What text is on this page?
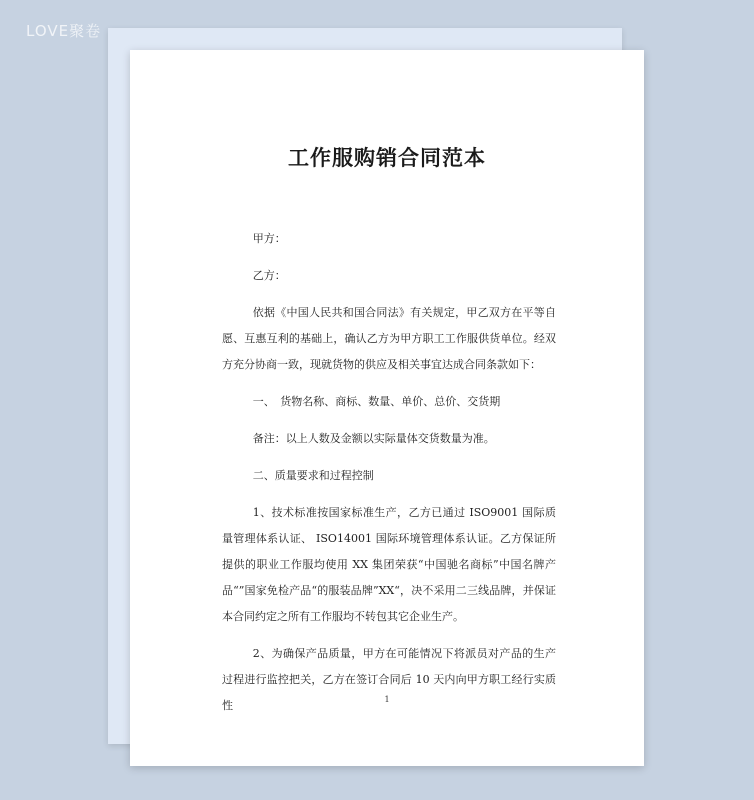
LOVE聚卷
工作服购销合同范本

甲方：

乙方：

依据《中国人民共和国合同法》有关规定，甲乙双方在平等自愿、互惠互利的基础上，确认乙方为甲方职工工作服供货单位。经双方充分协商一致，现就货物的供应及相关事宜达成合同条款如下：

一、　货物名称、商标、数量、单价、总价、交货期

备注：以上人数及金额以实际量体交货数量为准。

二、质量要求和过程控制

1、技术标准按国家标准生产，乙方已通过 ISO9001 国际质量管理体系认证、 ISO14001 国际环境管理体系认证。乙方保证所提供的职业工作服均使用 XX 集团荣获“中国驰名商标”中国名牌产品“”国家免检产品“的服装品牌”XX“，决不采用二三线品牌，并保证本合同约定之所有工作服均不转包其它企业生产。

2、为确保产品质量，甲方在可能情况下将派员对产品的生产过程进行监控把关，乙方在签订合同后 10 天内向甲方职工经行实质性	1
